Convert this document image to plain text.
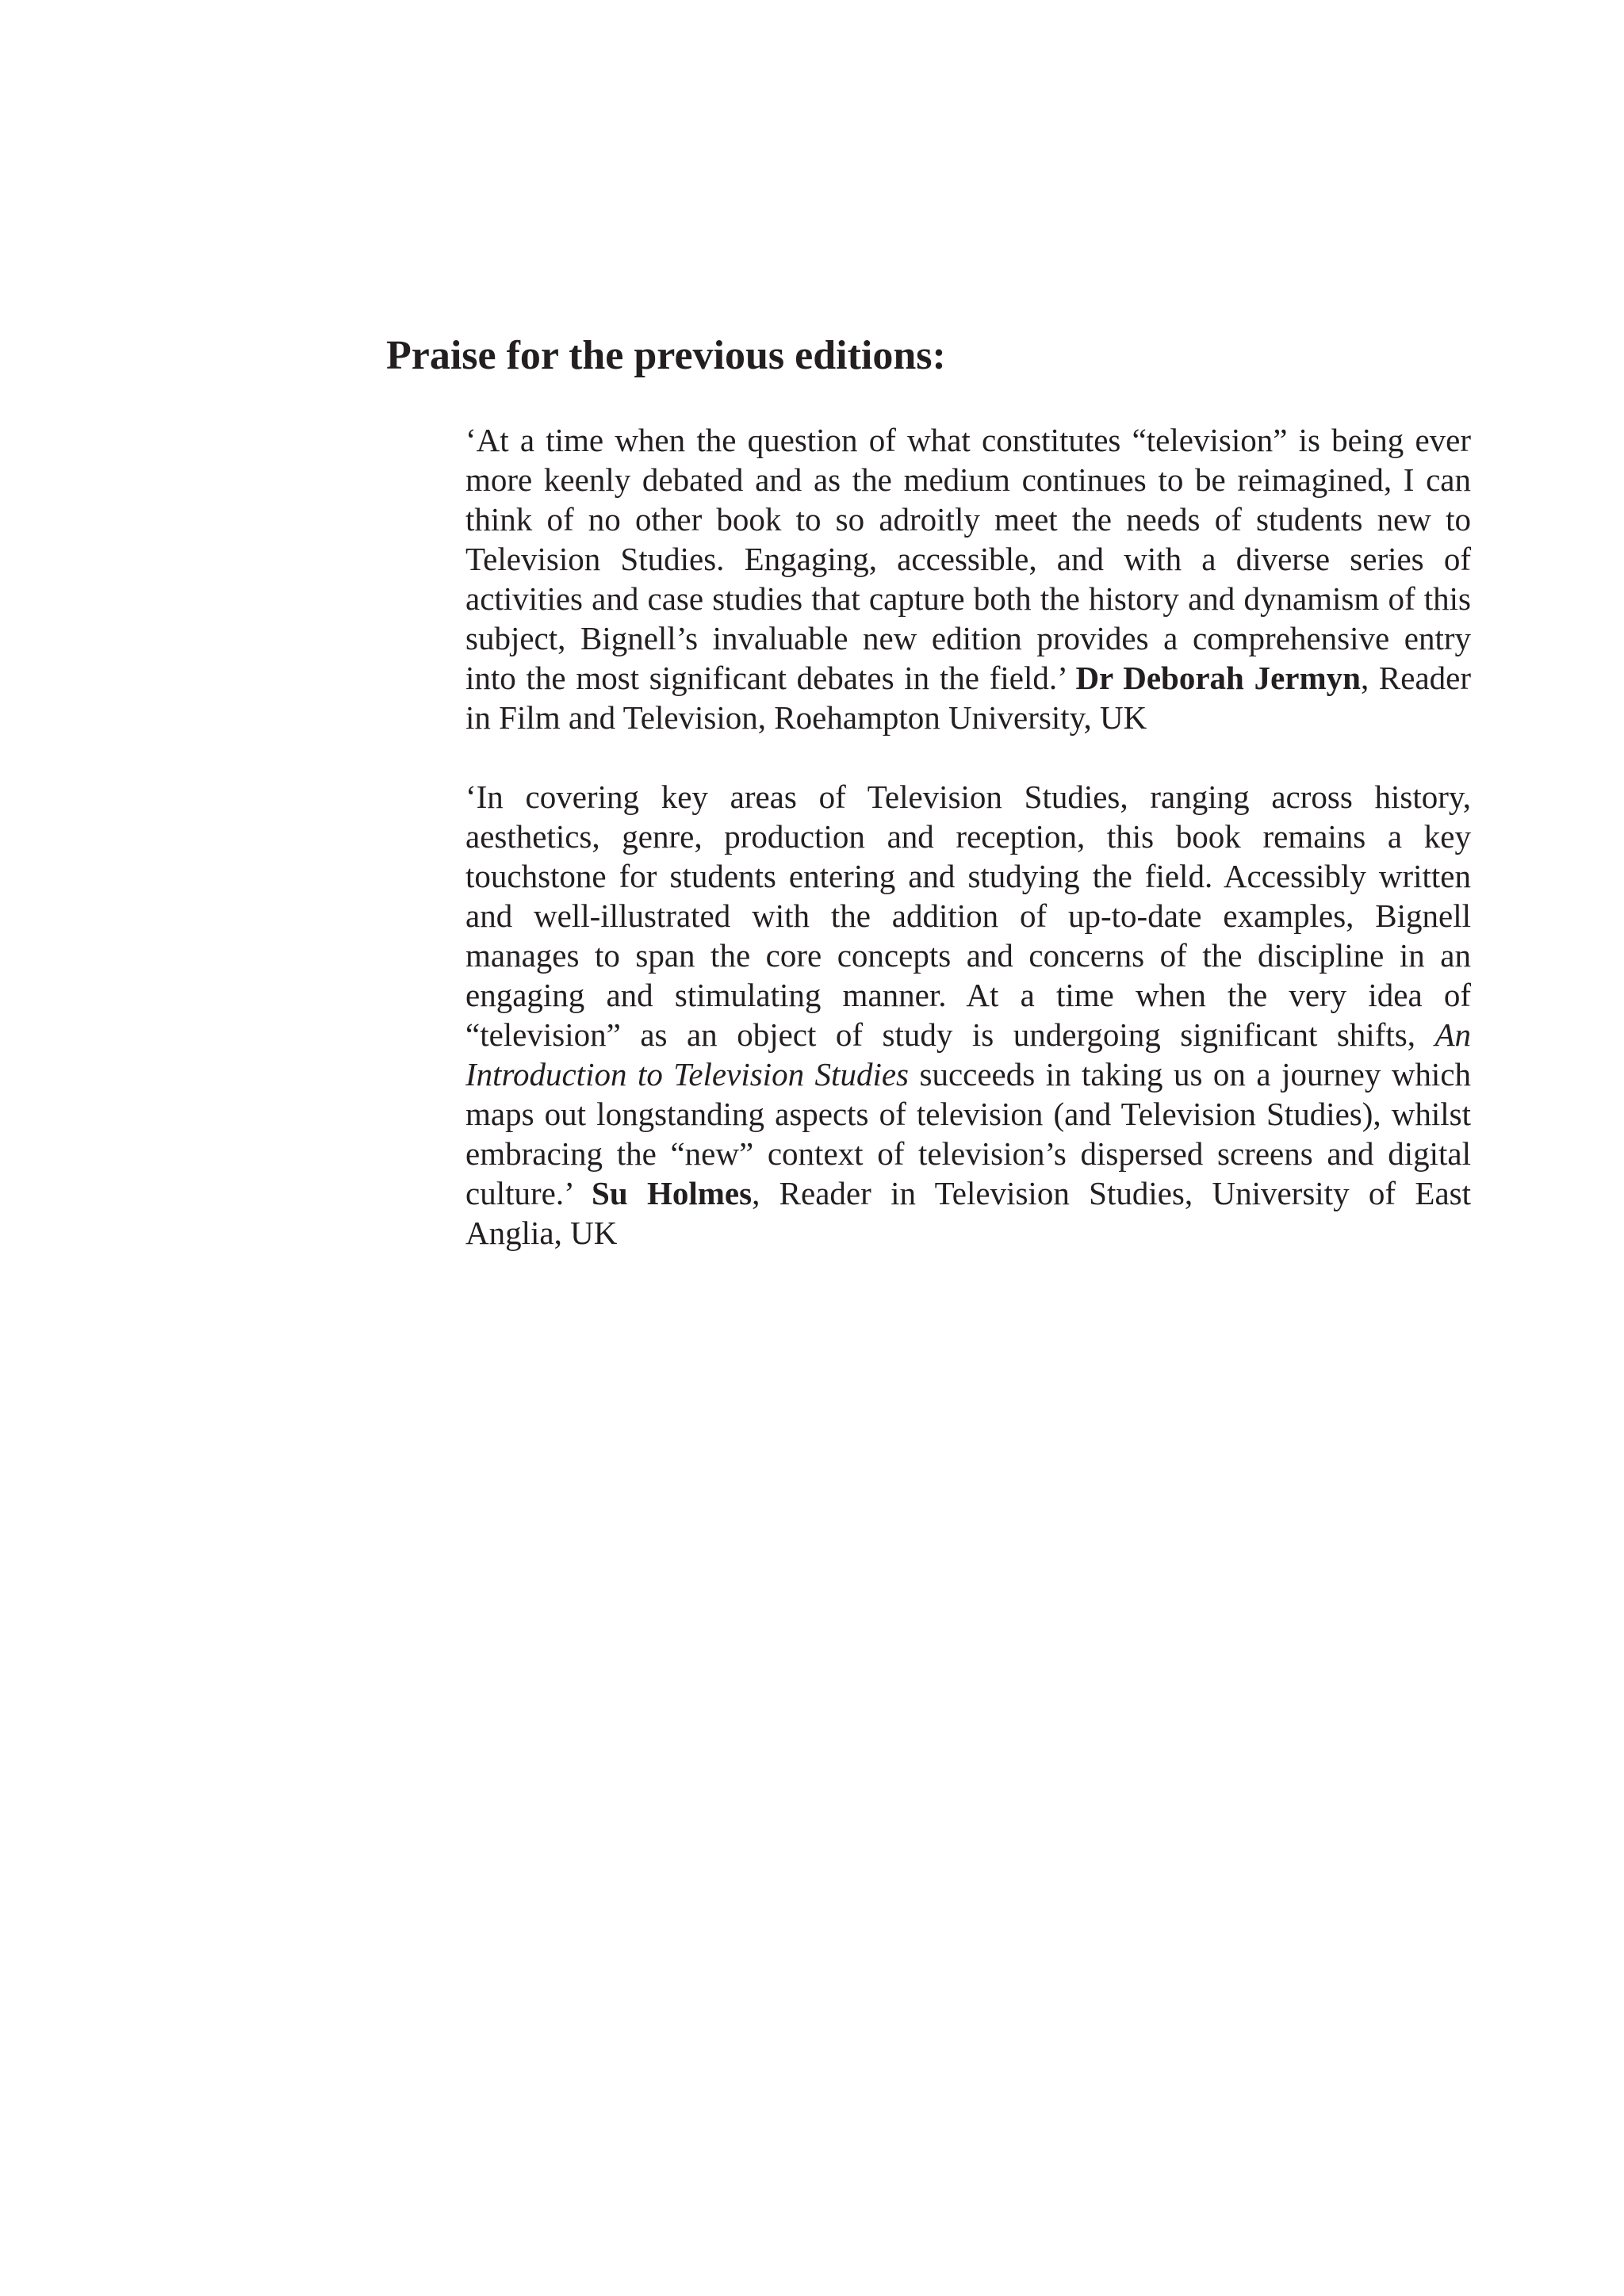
Praise for the previous editions:

‘At a time when the question of what constitutes “television” is being ever more keenly debated and as the medium continues to be reimagined, I can think of no other book to so adroitly meet the needs of students new to Television Studies. Engaging, accessible, and with a diverse series of activities and case studies that capture both the history and dynamism of this subject, Bignell’s invaluable new edition provides a comprehensive entry into the most significant debates in the field.’ Dr Deborah Jermyn, Reader in Film and Television, Roehampton University, UK

‘In covering key areas of Television Studies, ranging across history, aesthetics, genre, production and reception, this book remains a key touchstone for students entering and studying the field. Accessibly written and well-illustrated with the addition of up-to-date examples, Bignell manages to span the core concepts and concerns of the discipline in an engaging and stimulating manner. At a time when the very idea of “television” as an object of study is undergoing significant shifts, An Introduction to Television Studies succeeds in taking us on a journey which maps out longstanding aspects of television (and Television Studies), whilst embracing the “new” context of television’s dispersed screens and digital culture.’ Su Holmes, Reader in Television Studies, University of East Anglia, UK
